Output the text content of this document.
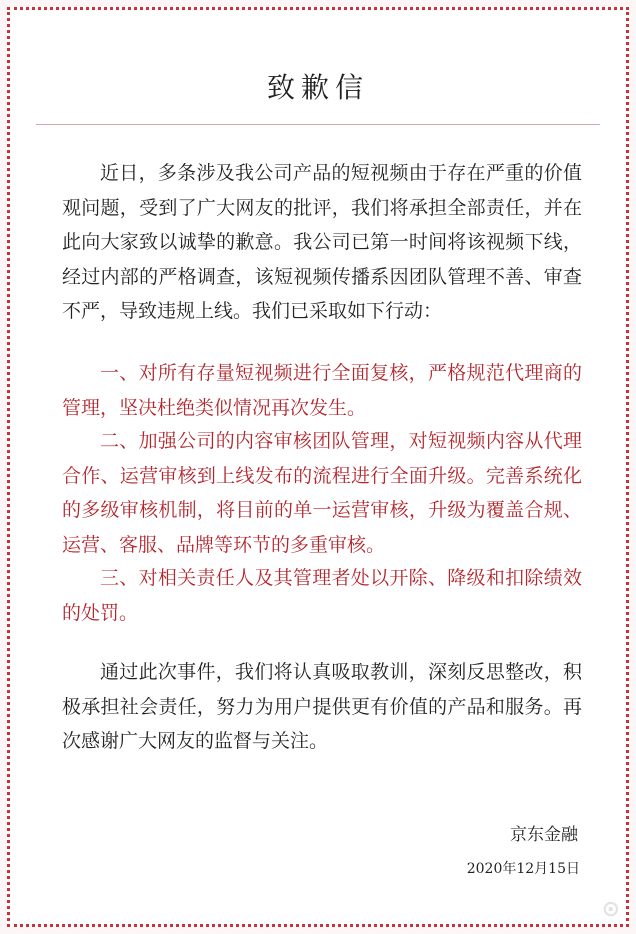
致歉信
近日，多条涉及我公司产品的短视频由于存在严重的价值观问题，受到了广大网友的批评，我们将承担全部责任，并在此向大家致以诚挚的歉意。我公司已第一时间将该视频下线，经过内部的严格调查，该短视频传播系因团队管理不善、审查不严，导致违规上线。我们已采取如下行动：
一、对所有存量短视频进行全面复核，严格规范代理商的管理，坚决杜绝类似情况再次发生。
二、加强公司的内容审核团队管理，对短视频内容从代理合作、运营审核到上线发布的流程进行全面升级。完善系统化的多级审核机制，将目前的单一运营审核，升级为覆盖合规、运营、客服、品牌等环节的多重审核。
三、对相关责任人及其管理者处以开除、降级和扣除绩效的处罚。
通过此次事件，我们将认真吸取教训，深刻反思整改，积极承担社会责任，努力为用户提供更有价值的产品和服务。再次感谢广大网友的监督与关注。
京东金融
2020年12月15日
⊙
